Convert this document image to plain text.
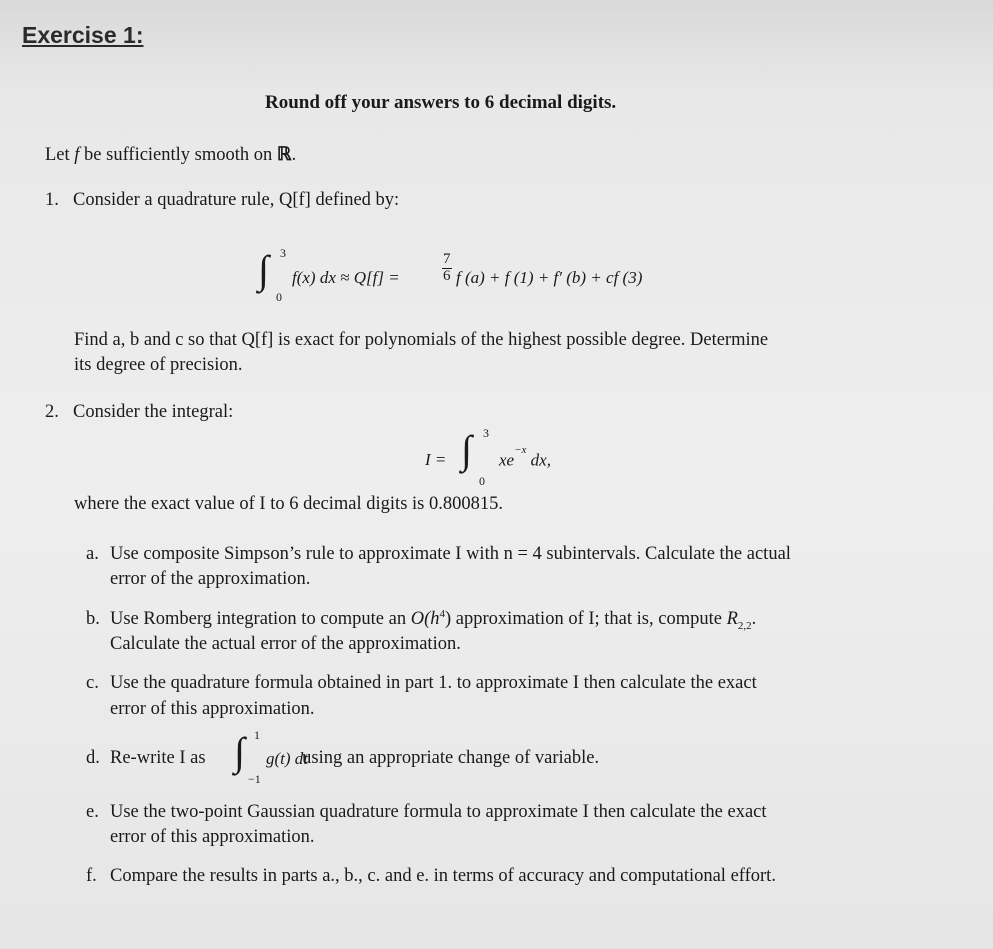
Exercise 1:
Round off your answers to 6 decimal digits.
Let f be sufficiently smooth on ℝ.
1. Consider a quadrature rule, Q[f] defined by:
∫ 3
0
f(x) dx ≈ Q[f] =	$\frac{7}{6}$ f (a) + f (1) + f′ (b) + cf (3)
Find a, b and c so that Q[f] is exact for polynomials of the highest possible degree. Determine
its degree of precision.
2. Consider the integral:
I = ∫ 3
0
$xe^{-x}$ dx,
where the exact value of I to 6 decimal digits is 0.800815.
a. Use composite Simpson’s rule to approximate I with n = 4 subintervals. Calculate the actual
error of the approximation.
b. Use Romberg integration to compute an $O(h^4)$ approximation of I; that is, compute $R_{2,2}$.
Calculate the actual error of the approximation.
c. Use the quadrature formula obtained in part 1. to approximate I then calculate the exact
error of this approximation.
d. Re-write I as ∫ 1
−1
g(t) dt
using an appropriate change of variable.
e. Use the two-point Gaussian quadrature formula to approximate I then calculate the exact
error of this approximation.
f. Compare the results in parts a., b., c. and e. in terms of accuracy and computational effort.
